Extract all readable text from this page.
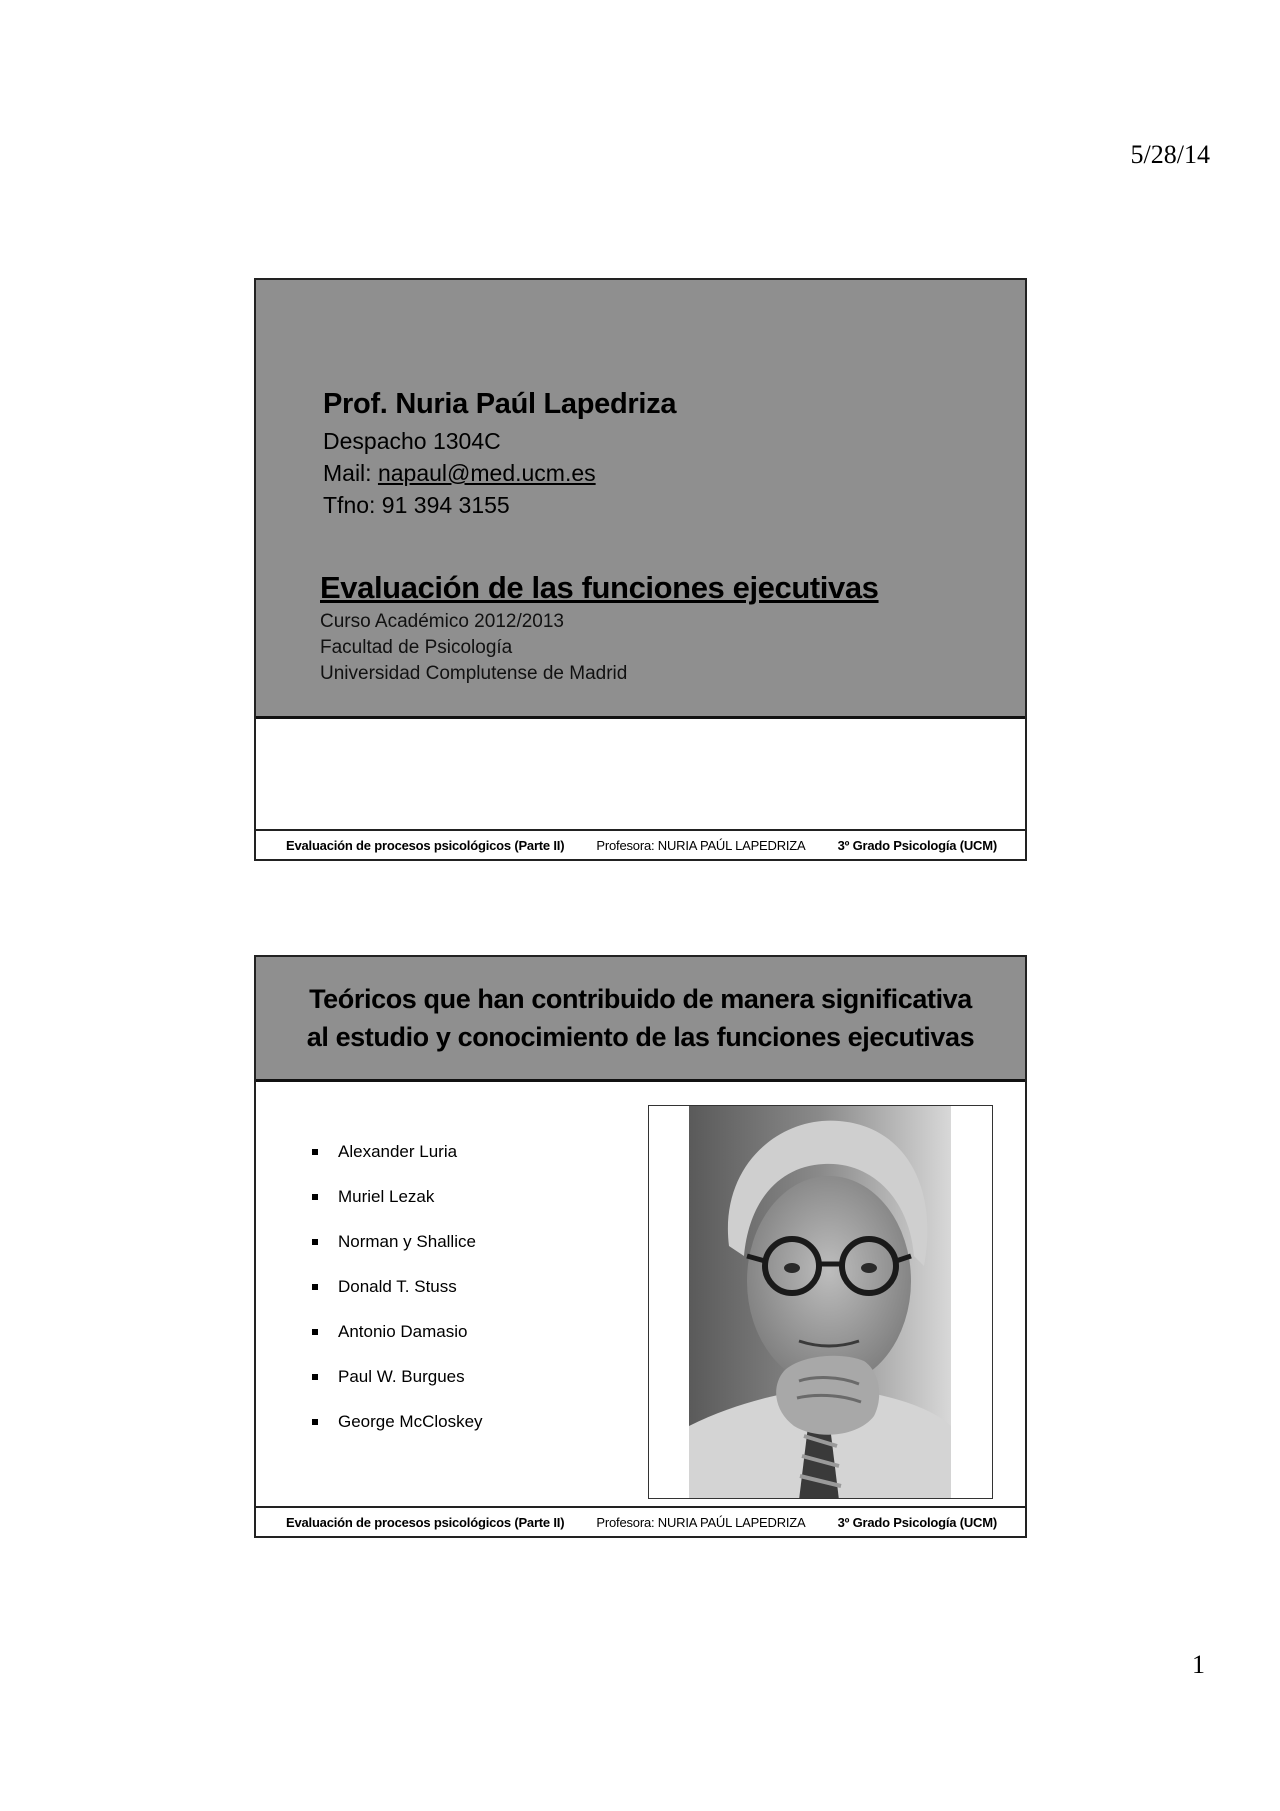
5/28/14
Prof. Nuria Paúl Lapedriza
Despacho 1304C
Mail: napaul@med.ucm.es
Tfno: 91 394 3155
Evaluación de las funciones ejecutivas
Curso Académico 2012/2013
Facultad de Psicología
Universidad Complutense de Madrid
Evaluación de procesos psicológicos (Parte II) Profesora: NURIA PAÚL LAPEDRIZA 3º Grado Psicología (UCM)
Teóricos que han contribuido de manera significativa
al estudio y conocimiento de las funciones ejecutivas
Alexander Luria
Muriel Lezak
Norman y Shallice
Donald T. Stuss
Antonio Damasio
Paul W. Burgues
George McCloskey
Evaluación de procesos psicológicos (Parte II) Profesora: NURIA PAÚL LAPEDRIZA 3º Grado Psicología (UCM)
1
